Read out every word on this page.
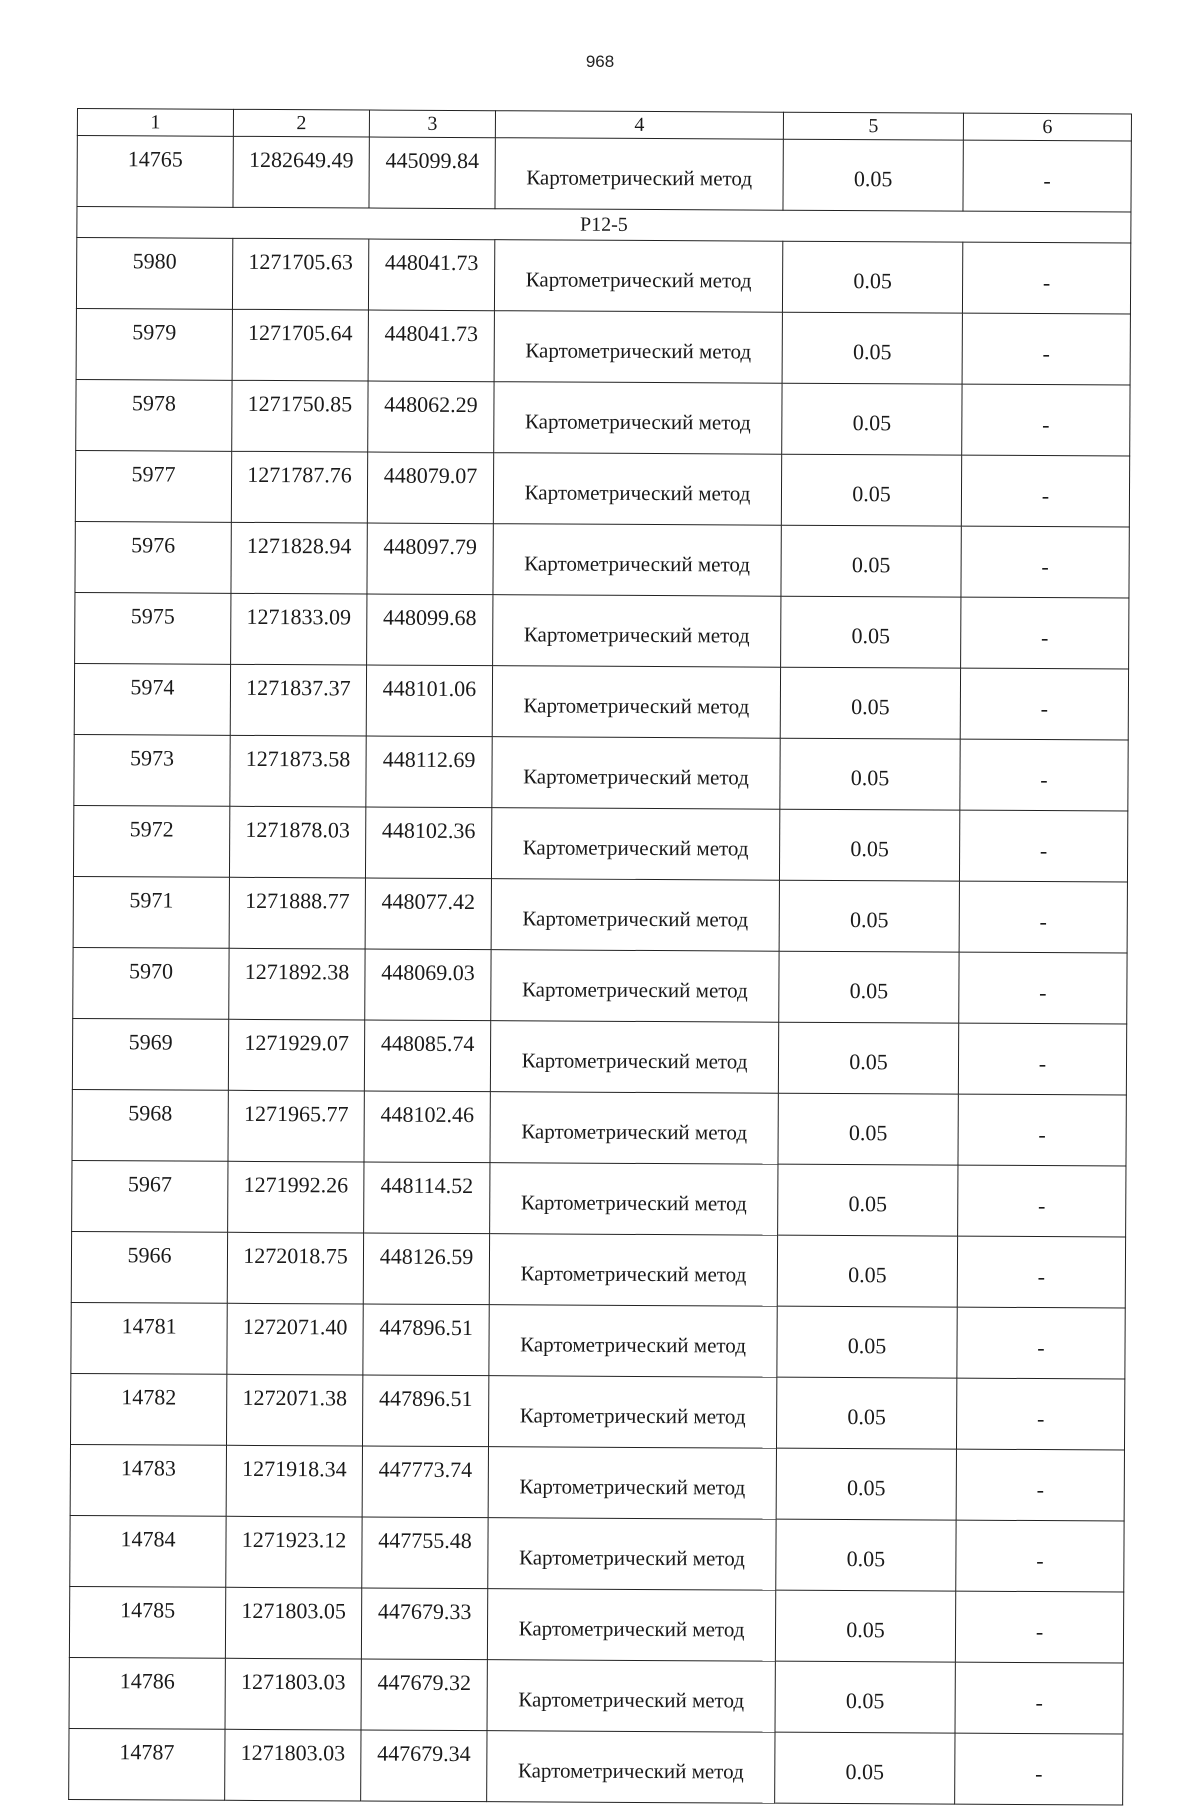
968
1	2	3	4	5	6
14765	1282649.49	445099.84	Картометрический метод	0.05	-
Р12-5					
5980	1271705.63	448041.73	Картометрический метод	0.05	-
5979	1271705.64	448041.73	Картометрический метод	0.05	-
5978	1271750.85	448062.29	Картометрический метод	0.05	-
5977	1271787.76	448079.07	Картометрический метод	0.05	-
5976	1271828.94	448097.79	Картометрический метод	0.05	-
5975	1271833.09	448099.68	Картометрический метод	0.05	-
5974	1271837.37	448101.06	Картометрический метод	0.05	-
5973	1271873.58	448112.69	Картометрический метод	0.05	-
5972	1271878.03	448102.36	Картометрический метод	0.05	-
5971	1271888.77	448077.42	Картометрический метод	0.05	-
5970	1271892.38	448069.03	Картометрический метод	0.05	-
5969	1271929.07	448085.74	Картометрический метод	0.05	-
5968	1271965.77	448102.46	Картометрический метод	0.05	-
5967	1271992.26	448114.52	Картометрический метод	0.05	-
5966	1272018.75	448126.59	Картометрический метод	0.05	-
14781	1272071.40	447896.51	Картометрический метод	0.05	-
14782	1272071.38	447896.51	Картометрический метод	0.05	-
14783	1271918.34	447773.74	Картометрический метод	0.05	-
14784	1271923.12	447755.48	Картометрический метод	0.05	-
14785	1271803.05	447679.33	Картометрический метод	0.05	-
14786	1271803.03	447679.32	Картометрический метод	0.05	-
14787	1271803.03	447679.34	Картометрический метод	0.05	-
